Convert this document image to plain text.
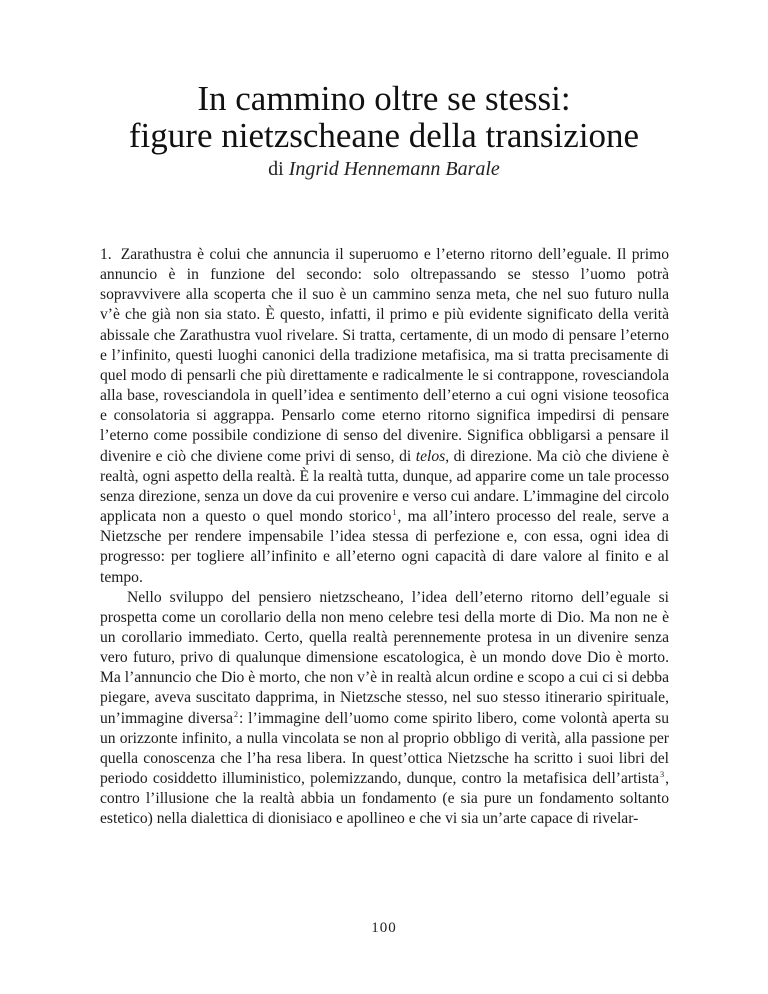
In cammino oltre se stessi:
figure nietzscheane della transizione
di Ingrid Hennemann Barale

1. Zarathustra è colui che annuncia il superuomo e l’eterno ritorno dell’eguale. Il primo annuncio è in funzione del secondo: solo oltrepassando se stesso l’uomo potrà sopravvivere alla scoperta che il suo è un cammino senza meta, che nel suo futuro nulla v’è che già non sia stato. È questo, infatti, il primo e più evidente significato della verità abissale che Zarathustra vuol rivelare. Si tratta, certamente, di un modo di pensare l’eterno e l’infinito, questi luoghi canonici della tradizione metafisica, ma si tratta precisamente di quel modo di pensarli che più direttamente e radicalmente le si contrappone, rovesciandola alla base, rovesciandola in quell’idea e sentimento dell’eterno a cui ogni visione teosofica e consolatoria si aggrappa. Pensarlo come eterno ritorno significa impedirsi di pensare l’eterno come possibile condizione di senso del divenire. Significa obbligarsi a pensare il divenire e ciò che diviene come privi di senso, di telos, di direzione. Ma ciò che diviene è realtà, ogni aspetto della realtà. È la realtà tutta, dunque, ad apparire come un tale processo senza direzione, senza un dove da cui provenire e verso cui andare. L’immagine del circolo applicata non a questo o quel mondo storico$^1$, ma all’intero processo del reale, serve a Nietzsche per rendere impensabile l’idea stessa di perfezione e, con essa, ogni idea di progresso: per togliere all’infinito e all’eterno ogni capacità di dare valore al finito e al tempo.

Nello sviluppo del pensiero nietzscheano, l’idea dell’eterno ritorno dell’eguale si prospetta come un corollario della non meno celebre tesi della morte di Dio. Ma non ne è un corollario immediato. Certo, quella realtà perennemente protesa in un divenire senza vero futuro, privo di qualunque dimensione escatologica, è un mondo dove Dio è morto. Ma l’annuncio che Dio è morto, che non v’è in realtà alcun ordine e scopo a cui ci si debba piegare, aveva suscitato dapprima, in Nietzsche stesso, nel suo stesso itinerario spirituale, un’immagine diversa$^2$: l’immagine dell’uomo come spirito libero, come volontà aperta su un orizzonte infinito, a nulla vincolata se non al proprio obbligo di verità, alla passione per quella conoscenza che l’ha resa libera. In quest’ottica Nietzsche ha scritto i suoi libri del periodo cosiddetto illuministico, polemizzando, dunque, contro la metafisica dell’artista$^3$, contro l’illusione che la realtà abbia un fondamento (e sia pure un fondamento soltanto estetico) nella dialettica di dionisiaco e apollineo e che vi sia un’arte capace di rivelar-

100
